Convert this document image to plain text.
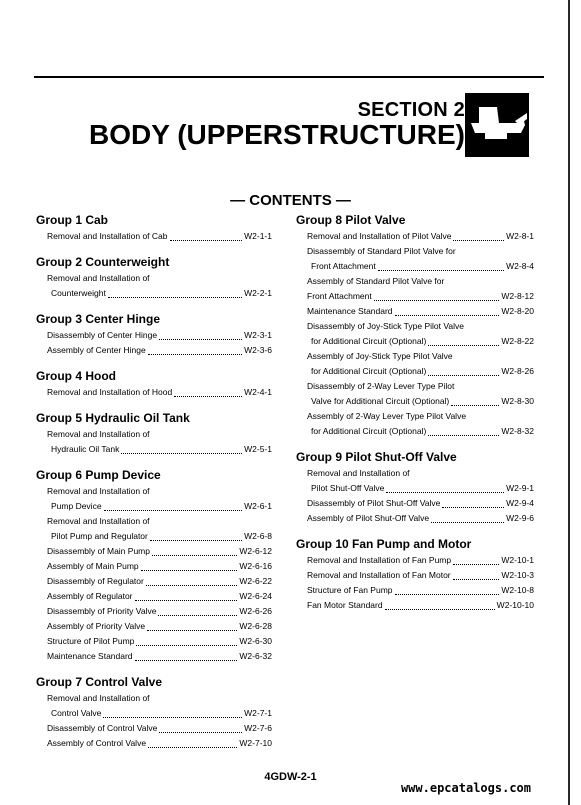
SECTION 2
BODY (UPPERSTRUCTURE)
— CONTENTS —
Group 1 Cab
Removal and Installation of Cab	W2-1-1
Group 2 Counterweight
Removal and Installation of
Counterweight	W2-2-1
Group 3 Center Hinge
Disassembly of Center Hinge	W2-3-1
Assembly of Center Hinge	W2-3-6
Group 4 Hood
Removal and Installation of Hood	W2-4-1
Group 5 Hydraulic Oil Tank
Removal and Installation of
Hydraulic Oil Tank	W2-5-1
Group 6 Pump Device
Removal and Installation of
Pump Device	W2-6-1
Removal and Installation of
Pilot Pump and Regulator	W2-6-8
Disassembly of Main Pump	W2-6-12
Assembly of Main Pump	W2-6-16
Disassembly of Regulator	W2-6-22
Assembly of Regulator	W2-6-24
Disassembly of Priority Valve	W2-6-26
Assembly of Priority Valve	W2-6-28
Structure of Pilot Pump	W2-6-30
Maintenance Standard	W2-6-32
Group 7 Control Valve
Removal and Installation of
Control Valve	W2-7-1
Disassembly of Control Valve	W2-7-6
Assembly of Control Valve	W2-7-10
Group 8 Pilot Valve
Removal and Installation of Pilot Valve	W2-8-1
Disassembly of Standard Pilot Valve for
Front Attachment	W2-8-4
Assembly of Standard Pilot Valve for
Front Attachment	W2-8-12
Maintenance Standard	W2-8-20
Disassembly of Joy-Stick Type Pilot Valve
for Additional Circuit (Optional)	W2-8-22
Assembly of Joy-Stick Type Pilot Valve
for Additional Circuit (Optional)	W2-8-26
Disassembly of 2-Way Lever Type Pilot
Valve for Additional Circuit (Optional)	W2-8-30
Assembly of 2-Way Lever Type Pilot Valve
for Additional Circuit (Optional)	W2-8-32
Group 9 Pilot Shut-Off Valve
Removal and Installation of
Pilot Shut-Off Valve	W2-9-1
Disassembly of Pilot Shut-Off Valve	W2-9-4
Assembly of Pilot Shut-Off Valve	W2-9-6
Group 10 Fan Pump and Motor
Removal and Installation of Fan Pump	W2-10-1
Removal and Installation of Fan Motor	W2-10-3
Structure of Fan Pump	W2-10-8
Fan Motor Standard	W2-10-10
4GDW-2-1
www.epcatalogs.com
